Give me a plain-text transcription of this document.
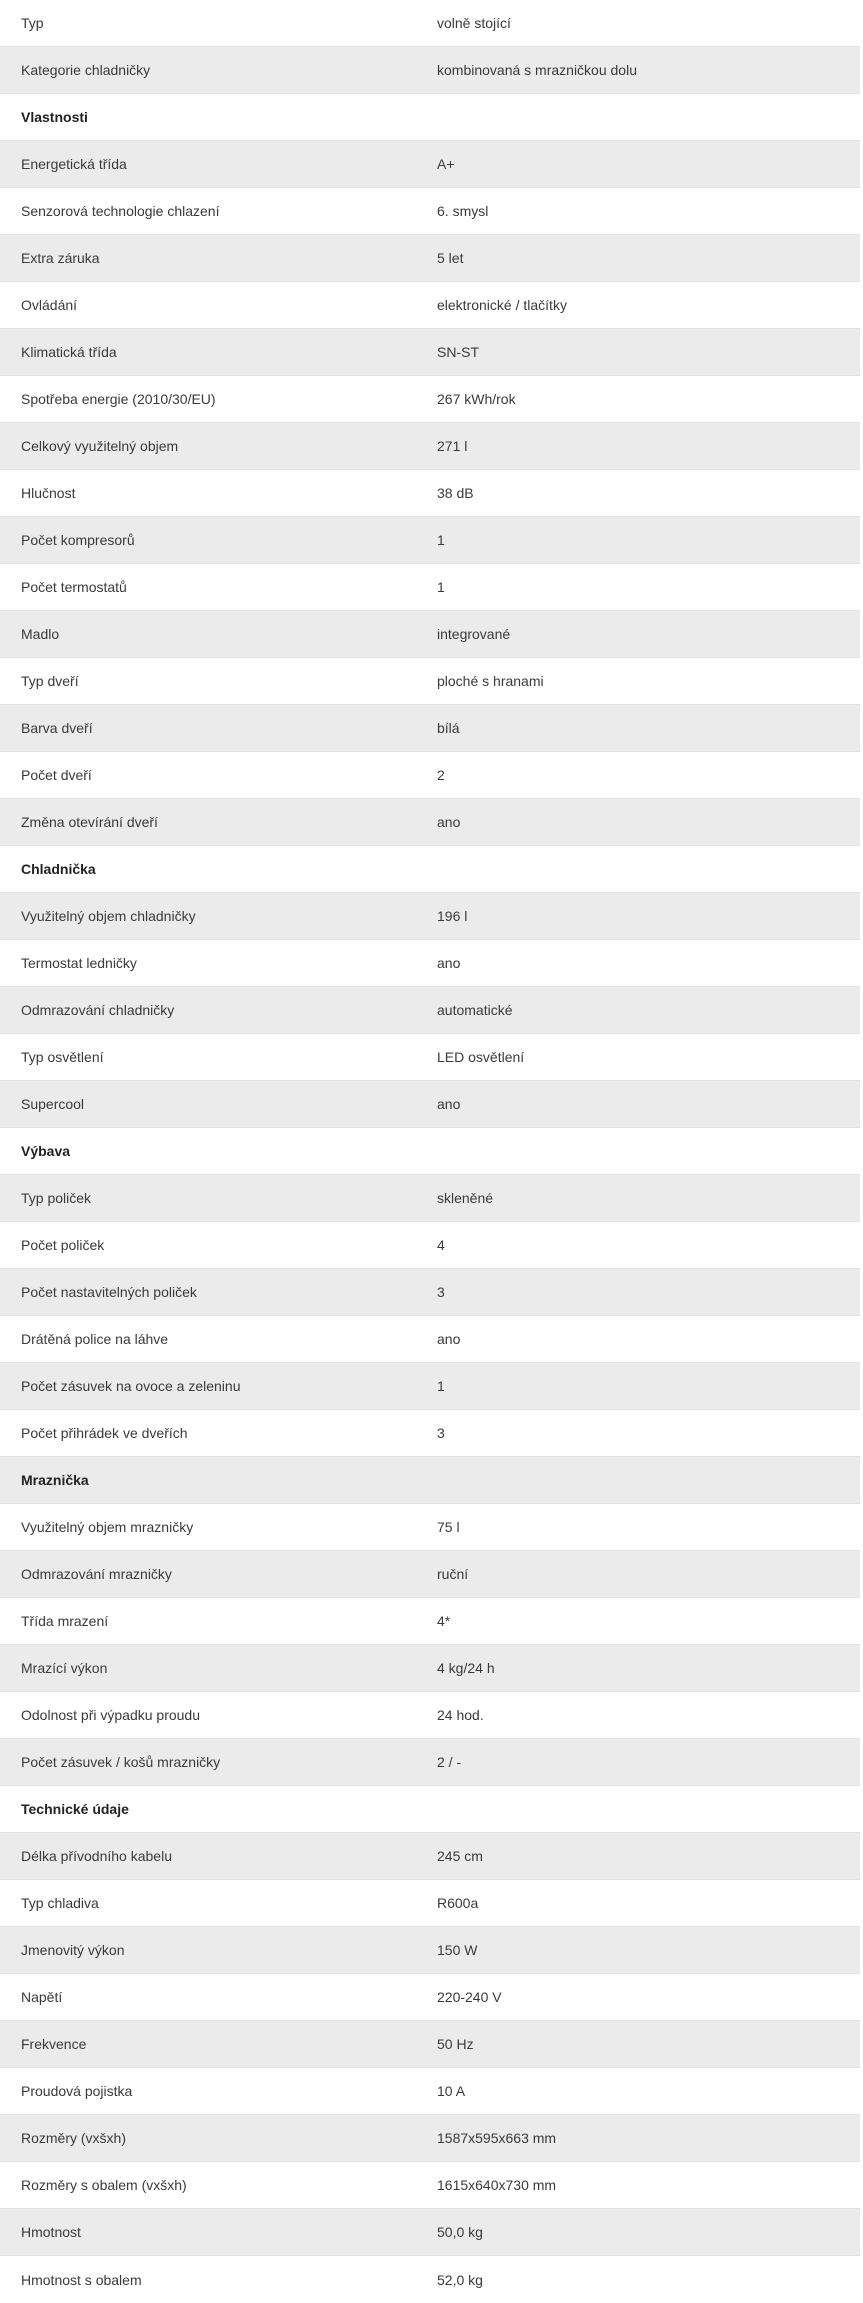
Typ	volně stojící
Kategorie chladničky	kombinovaná s mrazničkou dolu
Vlastnosti
Energetická třída	A+
Senzorová technologie chlazení	6. smysl
Extra záruka	5 let
Ovládání	elektronické / tlačítky
Klimatická třída	SN-ST
Spotřeba energie (2010/30/EU)	267 kWh/rok
Celkový využitelný objem	271 l
Hlučnost	38 dB
Počet kompresorů	1
Počet termostatů	1
Madlo	integrované
Typ dveří	ploché s hranami
Barva dveří	bílá
Počet dveří	2
Změna otevírání dveří	ano
Chladnička
Využitelný objem chladničky	196 l
Termostat ledničky	ano
Odmrazování chladničky	automatické
Typ osvětlení	LED osvětlení
Supercool	ano
Výbava
Typ poliček	skleněné
Počet poliček	4
Počet nastavitelných poliček	3
Drátěná police na láhve	ano
Počet zásuvek na ovoce a zeleninu	1
Počet přihrádek ve dveřích	3
Mraznička
Využitelný objem mrazničky	75 l
Odmrazování mrazničky	ruční
Třída mrazení	4*
Mrazící výkon	4 kg/24 h
Odolnost při výpadku proudu	24 hod.
Počet zásuvek / košů mrazničky	2 / -
Technické údaje
Délka přívodního kabelu	245 cm
Typ chladiva	R600a
Jmenovitý výkon	150 W
Napětí	220-240 V
Frekvence	50 Hz
Proudová pojistka	10 A
Rozměry (vxšxh)	1587x595x663 mm
Rozměry s obalem (vxšxh)	1615x640x730 mm
Hmotnost	50,0 kg
Hmotnost s obalem	52,0 kg
